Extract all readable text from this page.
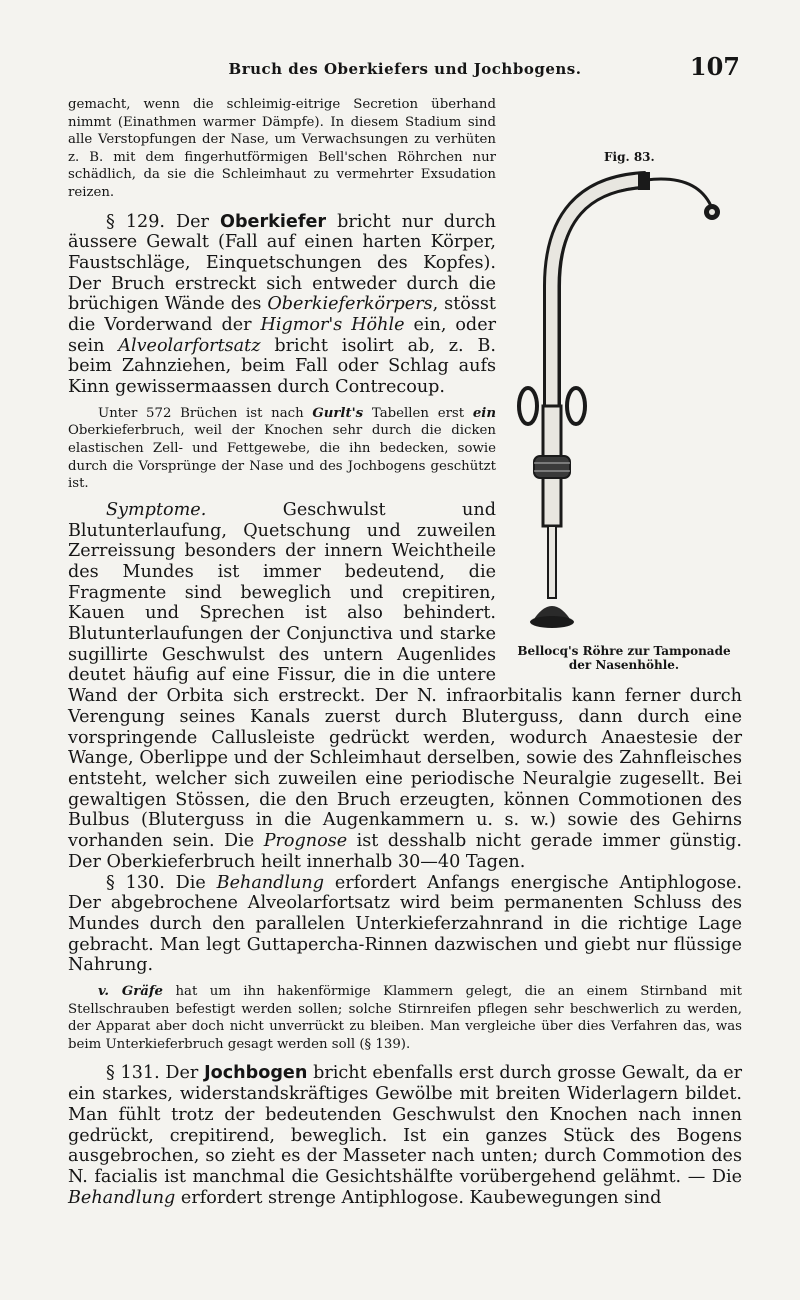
Bruch des Oberkiefers und Jochbogens.	107
Fig. 83.
Bellocq's Röhre zur Tamponade der Nasenhöhle.

gemacht, wenn die schleimig-eitrige Secretion überhand nimmt (Einathmen warmer Dämpfe). In diesem Stadium sind alle Verstopfungen der Nase, um Verwachsungen zu verhüten z. B. mit dem fingerhutförmigen Bell'schen Röhrchen nur schädlich, da sie die Schleimhaut zu vermehrter Exsudation reizen.

§ 129. Der Oberkiefer bricht nur durch äussere Gewalt (Fall auf einen harten Körper, Faustschläge, Einquetschungen des Kopfes). Der Bruch erstreckt sich entweder durch die brüchigen Wände des Oberkieferkörpers, stösst die Vorderwand der Higmor's Höhle ein, oder sein Alveolarfortsatz bricht isolirt ab, z. B. beim Zahnziehen, beim Fall oder Schlag aufs Kinn gewissermaassen durch Contrecoup.

Unter 572 Brüchen ist nach Gurlt's Tabellen erst ein Oberkieferbruch, weil der Knochen sehr durch die dicken elastischen Zell- und Fettgewebe, die ihn bedecken, sowie durch die Vorsprünge der Nase und des Jochbogens geschützt ist.

Symptome.	Geschwulst und Blutunterlaufung, Quetschung und zuweilen Zerreissung besonders der innern Weichtheile des Mundes ist immer bedeutend, die Fragmente sind beweglich und crepitiren, Kauen und Sprechen ist also behindert. Blutunterlaufungen der Conjunctiva und starke sugillirte Geschwulst des untern Augenlides deutet häufig auf eine Fissur, die in die untere Wand der Orbita sich erstreckt. Der N. infraorbitalis kann ferner durch Verengung seines Kanals zuerst durch Bluterguss, dann durch eine vorspringende Callusleiste gedrückt werden, wodurch Anaestesie der Wange, Oberlippe und der Schleimhaut derselben, sowie des Zahnfleisches entsteht, welcher sich zuweilen eine periodische Neuralgie zugesellt. Bei gewaltigen Stössen, die den Bruch erzeugten, können Commotionen des Bulbus (Bluterguss in die Augenkammern u. s. w.) sowie des Gehirns vorhanden sein. Die Prognose ist desshalb nicht gerade immer günstig. Der Oberkieferbruch heilt innerhalb 30—40 Tagen.

§ 130. Die Behandlung erfordert Anfangs energische Antiphlogose. Der abgebrochene Alveolarfortsatz wird beim permanenten Schluss des Mundes durch den parallelen Unterkieferzahnrand in die richtige Lage gebracht. Man legt Guttapercha-Rinnen dazwischen und giebt nur flüssige Nahrung.

v. Gräfe hat um ihn hakenförmige Klammern gelegt, die an einem Stirnband mit Stellschrauben befestigt werden sollen; solche Stirnreifen pflegen sehr beschwerlich zu werden, der Apparat aber doch nicht unverrückt zu bleiben. Man vergleiche über dies Verfahren das, was beim Unterkieferbruch gesagt werden soll (§ 139).

§ 131. Der Jochbogen bricht ebenfalls erst durch grosse Gewalt, da er ein starkes, widerstandskräftiges Gewölbe mit breiten Widerlagern bildet. Man fühlt trotz der bedeutenden Geschwulst den Knochen nach innen gedrückt, crepitirend, beweglich. Ist ein ganzes Stück des Bogens ausgebrochen, so zieht es der Masseter nach unten; durch Commotion des N. facialis ist manchmal die Gesichtshälfte vorübergehend gelähmt. — Die Behandlung erfordert strenge Antiphlogose. Kaubewegungen sind
